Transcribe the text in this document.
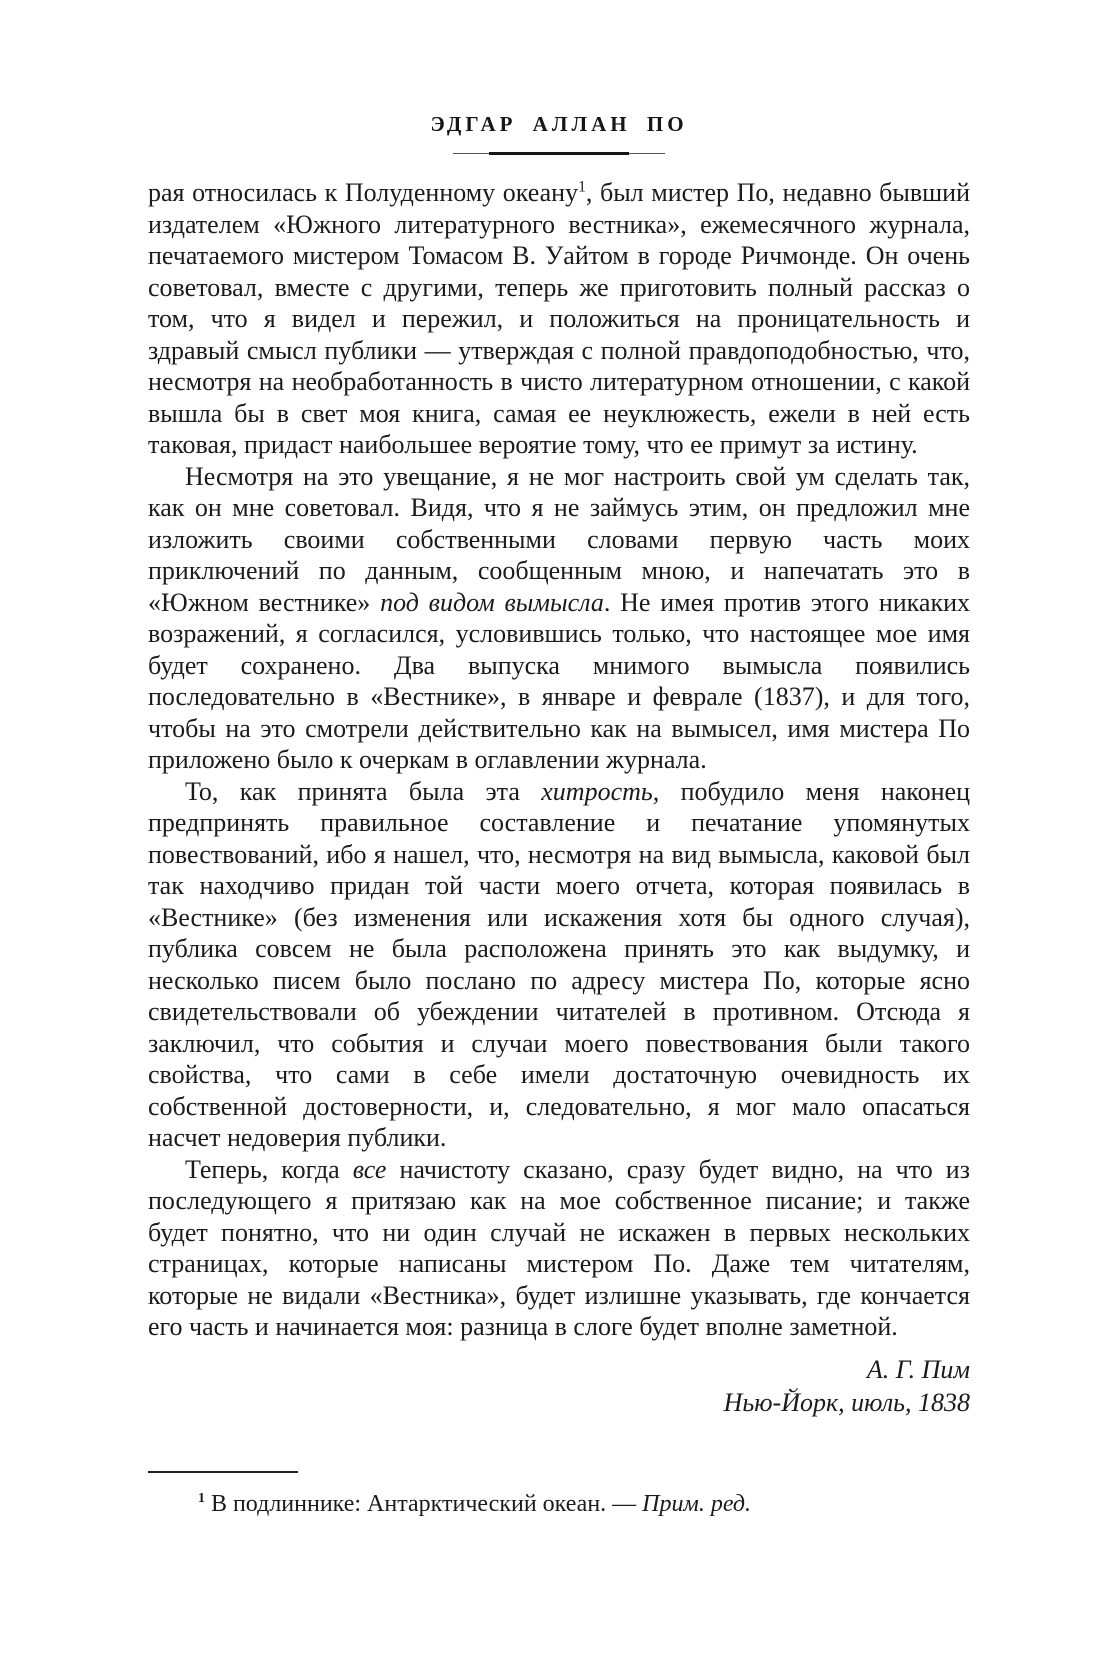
ЭДГАР АЛЛАН ПО

рая относилась к Полуденному океану$^1$, был мистер По, недавно бывший издателем «Южного литературного вестника», ежемесячного журнала, печатаемого мистером Томасом В. Уайтом в городе Ричмонде. Он очень советовал, вместе с другими, теперь же приготовить полный рассказ о том, что я видел и пережил, и положиться на проницательность и здравый смысл публики — утверждая с полной правдоподобностью, что, несмотря на необработанность в чисто литературном отношении, с какой вышла бы в свет моя книга, самая ее неуклюжесть, ежели в ней есть таковая, придаст наибольшее вероятие тому, что ее примут за истину.

Несмотря на это увещание, я не мог настроить свой ум сделать так, как он мне советовал. Видя, что я не займусь этим, он предложил мне изложить своими собственными словами первую часть моих приключений по данным, сообщенным мною, и напечатать это в «Южном вестнике» под видом вымысла. Не имея против этого никаких возражений, я согласился, условившись только, что настоящее мое имя будет сохранено. Два выпуска мнимого вымысла появились последовательно в «Вестнике», в январе и феврале (1837), и для того, чтобы на это смотрели действительно как на вымысел, имя мистера По приложено было к очеркам в оглавлении журнала.

То, как принята была эта хитрость, побудило меня наконец предпринять правильное составление и печатание упомянутых повествований, ибо я нашел, что, несмотря на вид вымысла, каковой был так находчиво придан той части моего отчета, которая появилась в «Вестнике» (без изменения или искажения хотя бы одного случая), публика совсем не была расположена принять это как выдумку, и несколько писем было послано по адресу мистера По, которые ясно свидетельствовали об убеждении читателей в противном. Отсюда я заключил, что события и случаи моего повествования были такого свойства, что сами в себе имели достаточную очевидность их собственной достоверности, и, следовательно, я мог мало опасаться насчет недоверия публики.

Теперь, когда все начистоту сказано, сразу будет видно, на что из последующего я притязаю как на мое собственное писание; и также будет понятно, что ни один случай не искажен в первых нескольких страницах, которые написаны мистером По. Даже тем читателям, которые не видали «Вестника», будет излишне указывать, где кончается его часть и начинается моя: разница в слоге будет вполне заметной.

А. Г. Пим
Нью-Йорк, июль, 1838

$^1$ В подлиннике: Антарктический океан. — Прим. ред.
